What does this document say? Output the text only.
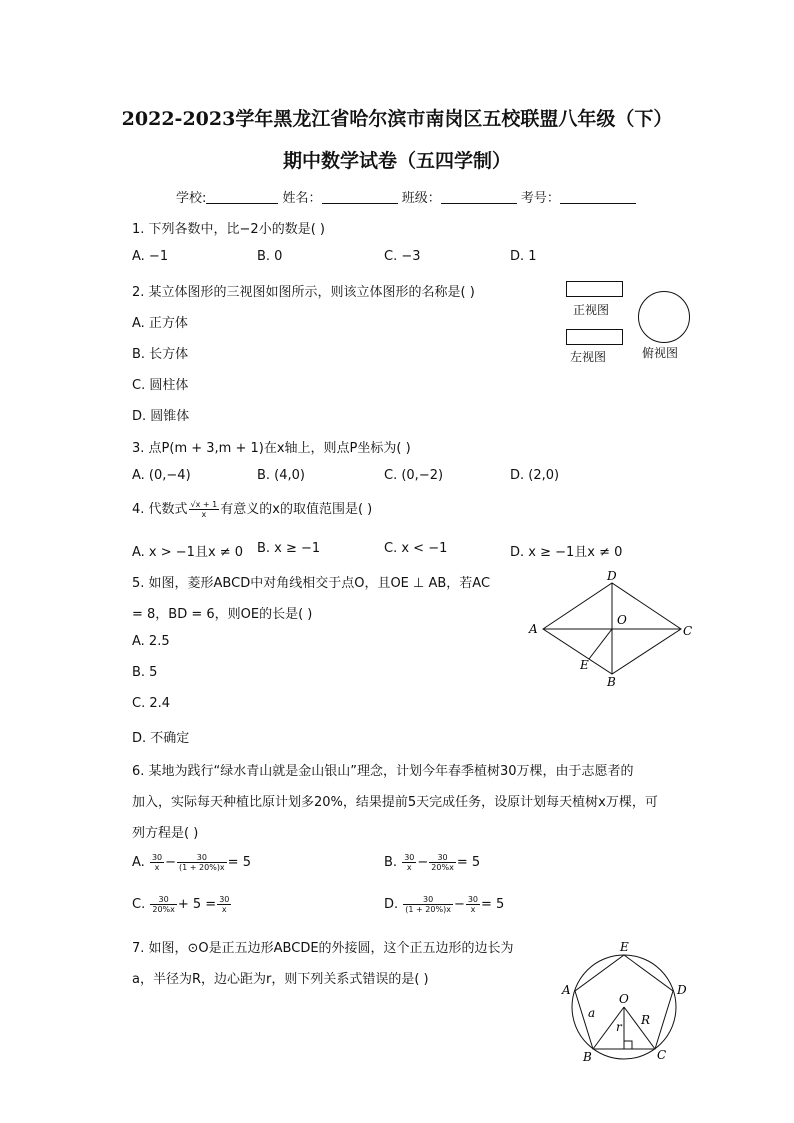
2022-2023学年黑龙江省哈尔滨市南岗区五校联盟八年级（下）
期中数学试卷（五四学制）
学校:	姓名：	班级：	考号：
1. 下列各数中，比−2小的数是( )
A. −1	B. 0	C. −3	D. 1
2. 某立体图形的三视图如图所示，则该立体图形的名称是( )
A. 正方体
B. 长方体
C. 圆柱体
D. 圆锥体
正视图
左视图	俯视图
3. 点P(m + 3,m + 1)在x轴上，则点P坐标为( )
A. (0,−4)	B. (4,0)	C. (0,−2)	D. (2,0)
4. 代数式 $\frac{√x + 1}{x}$ 有意义的x的取值范围是( )
A. x > −1且x ≠ 0 B. x ≥ −1	C. x < −1	D. x ≥ −1且x ≠ 0
5. 如图，菱形ABCD中对角线相交于点O，且OE ⊥ AB，若AC
= 8，BD = 6，则OE的长是( )
A. 2.5
B. 5
C. 2.4
D. 不确定
A
B
C
D
O
E
6. 某地为践行“绿水青山就是金山银山”理念，计划今年春季植树30万棵，由于志愿者的
加入，实际每天种植比原计划多20%，结果提前5天完成任务，设原计划每天植树x万棵，可
列方程是( )
A. $\frac{30}{x} - \frac{30}{(1 + 20\%)x} = 5$	B. $\frac{30}{x} - \frac{30}{20\%x} = 5$
C. $\frac{30}{20\%x} + 5 = \frac{30}{x}$	D. $\frac{30}{(1 + 20\%)x} - \frac{30}{x} = 5$
7. 如图，⊙O是正五边形ABCDE的外接圆，这个正五边形的边长为
a，半径为R，边心距为r，则下列关系式错误的是( )
E
D
A
B	C
O
a
r R
